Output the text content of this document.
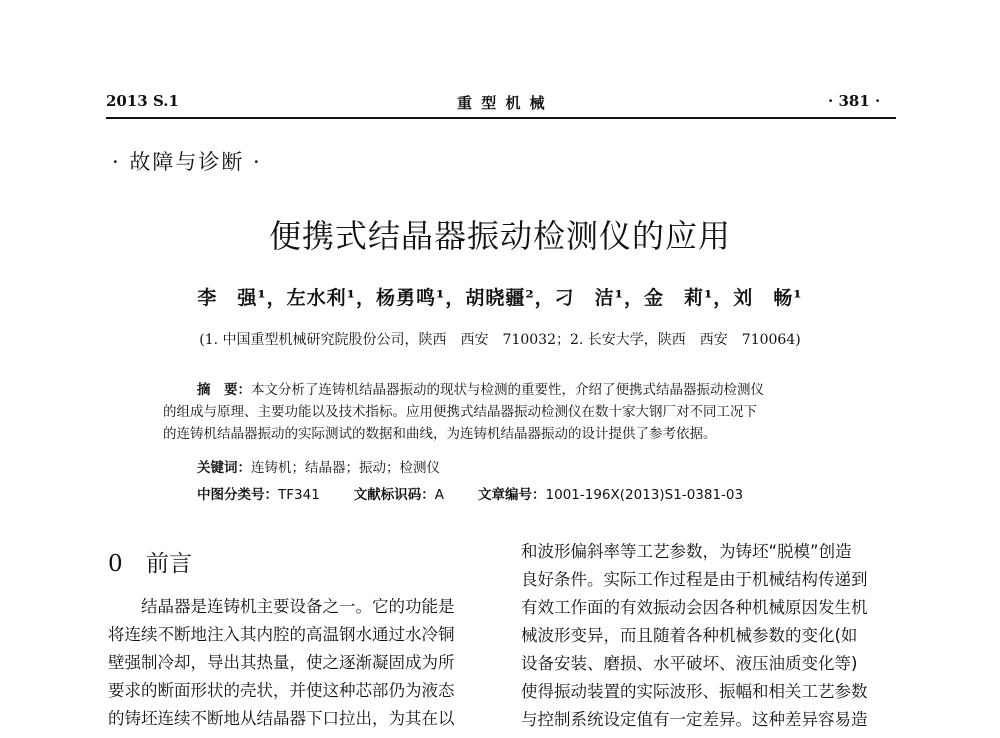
2013 S.1	重 型 机 械	· 381 ·
· 故障与诊断 ·
便携式结晶器振动检测仪的应用
李　强¹，左水利¹，杨勇鸣¹，胡晓疆²，刁　洁¹，金　莉¹，刘　畅¹
(1. 中国重型机械研究院股份公司，陕西　西安　710032；2. 长安大学，陕西　西安　710064)
摘　要：本文分析了连铸机结晶器振动的现状与检测的重要性，介绍了便携式结晶器振动检测仪
的组成与原理、主要功能以及技术指标。应用便携式结晶器振动检测仪在数十家大钢厂对不同工况下
的连铸机结晶器振动的实际测试的数据和曲线，为连铸机结晶器振动的设计提供了参考依据。
关键词：连铸机；结晶器；振动；检测仪
中图分类号：TF341	文献标识码：A	文章编号：1001-196X(2013)S1-0381-03
0 前言
结晶器是连铸机主要设备之一。它的功能是
将连续不断地注入其内腔的高温钢水通过水冷铜
壁强制冷却，导出其热量，使之逐渐凝固成为所
要求的断面形状的壳状，并使这种芯部仍为液态
的铸坯连续不断地从结晶器下口拉出，为其在以
和波形偏斜率等工艺参数，为铸坯“脱模”创造
良好条件。实际工作过程是由于机械结构传递到
有效工作面的有效振动会因各种机械原因发生机
械波形变异，而且随着各种机械参数的变化(如
设备安装、磨损、水平破坏、液压油质变化等)
使得振动装置的实际波形、振幅和相关工艺参数
与控制系统设定值有一定差异。这种差异容易造
